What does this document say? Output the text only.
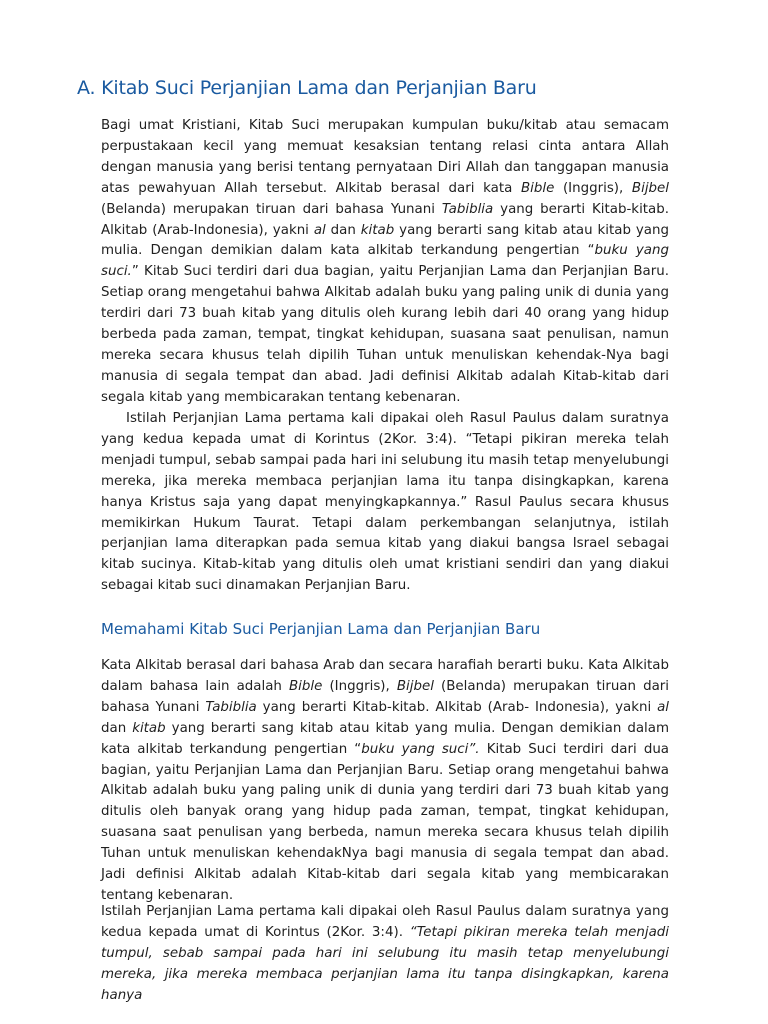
A. Kitab Suci Perjanjian Lama dan Perjanjian Baru

Bagi umat Kristiani, Kitab Suci merupakan kumpulan buku/kitab atau semacam perpustakaan kecil yang memuat kesaksian tentang relasi cinta antara Allah dengan manusia yang berisi tentang pernyataan Diri Allah dan tanggapan manusia atas pewahyuan Allah tersebut. Alkitab berasal dari kata Bible (Inggris), Bijbel (Belanda) merupakan tiruan dari bahasa Yunani Tabiblia yang berarti Kitab-kitab. Alkitab (Arab-Indonesia), yakni al dan kitab yang berarti sang kitab atau kitab yang mulia. Dengan demikian dalam kata alkitab terkandung pengertian “buku yang suci.” Kitab Suci terdiri dari dua bagian, yaitu Perjanjian Lama dan Perjanjian Baru. Setiap orang mengetahui bahwa Alkitab adalah buku yang paling unik di dunia yang terdiri dari 73 buah kitab yang ditulis oleh kurang lebih dari 40 orang yang hidup berbeda pada zaman, tempat, tingkat kehidupan, suasana saat penulisan, namun mereka secara khusus telah dipilih Tuhan untuk menuliskan kehendak-Nya bagi manusia di segala tempat dan abad. Jadi definisi Alkitab adalah Kitab-kitab dari segala kitab yang membicarakan tentang kebenaran.

Istilah Perjanjian Lama pertama kali dipakai oleh Rasul Paulus dalam suratnya yang kedua kepada umat di Korintus (2Kor. 3:4). “Tetapi pikiran mereka telah menjadi tumpul, sebab sampai pada hari ini selubung itu masih tetap menyelubungi mereka, jika mereka membaca perjanjian lama itu tanpa disingkapkan, karena hanya Kristus saja yang dapat menyingkapkannya.” Rasul Paulus secara khusus memikirkan Hukum Taurat. Tetapi dalam perkembangan selanjutnya, istilah perjanjian lama diterapkan pada semua kitab yang diakui bangsa Israel sebagai kitab sucinya. Kitab-kitab yang ditulis oleh umat kristiani sendiri dan yang diakui sebagai kitab suci dinamakan Perjanjian Baru.

Memahami Kitab Suci Perjanjian Lama dan Perjanjian Baru

Kata Alkitab berasal dari bahasa Arab dan secara harafiah berarti buku. Kata Alkitab dalam bahasa lain adalah Bible (Inggris), Bijbel (Belanda) merupakan tiruan dari bahasa Yunani Tabiblia yang berarti Kitab-kitab. Alkitab (Arab- Indonesia), yakni al dan kitab yang berarti sang kitab atau kitab yang mulia. Dengan demikian dalam kata alkitab terkandung pengertian “buku yang suci”. Kitab Suci terdiri dari dua bagian, yaitu Perjanjian Lama dan Perjanjian Baru. Setiap orang mengetahui bahwa Alkitab adalah buku yang paling unik di dunia yang terdiri dari 73 buah kitab yang ditulis oleh banyak orang yang hidup pada zaman, tempat, tingkat kehidupan, suasana saat penulisan yang berbeda, namun mereka secara khusus telah dipilih Tuhan untuk menuliskan kehendakNya bagi manusia di segala tempat dan abad. Jadi definisi Alkitab adalah Kitab-kitab dari segala kitab yang membicarakan tentang kebenaran.

Istilah Perjanjian Lama pertama kali dipakai oleh Rasul Paulus dalam suratnya yang kedua kepada umat di Korintus (2Kor. 3:4). “Tetapi pikiran mereka telah menjadi tumpul, sebab sampai pada hari ini selubung itu masih tetap menyelubungi mereka, jika mereka membaca perjanjian lama itu tanpa disingkapkan, karena hanya
